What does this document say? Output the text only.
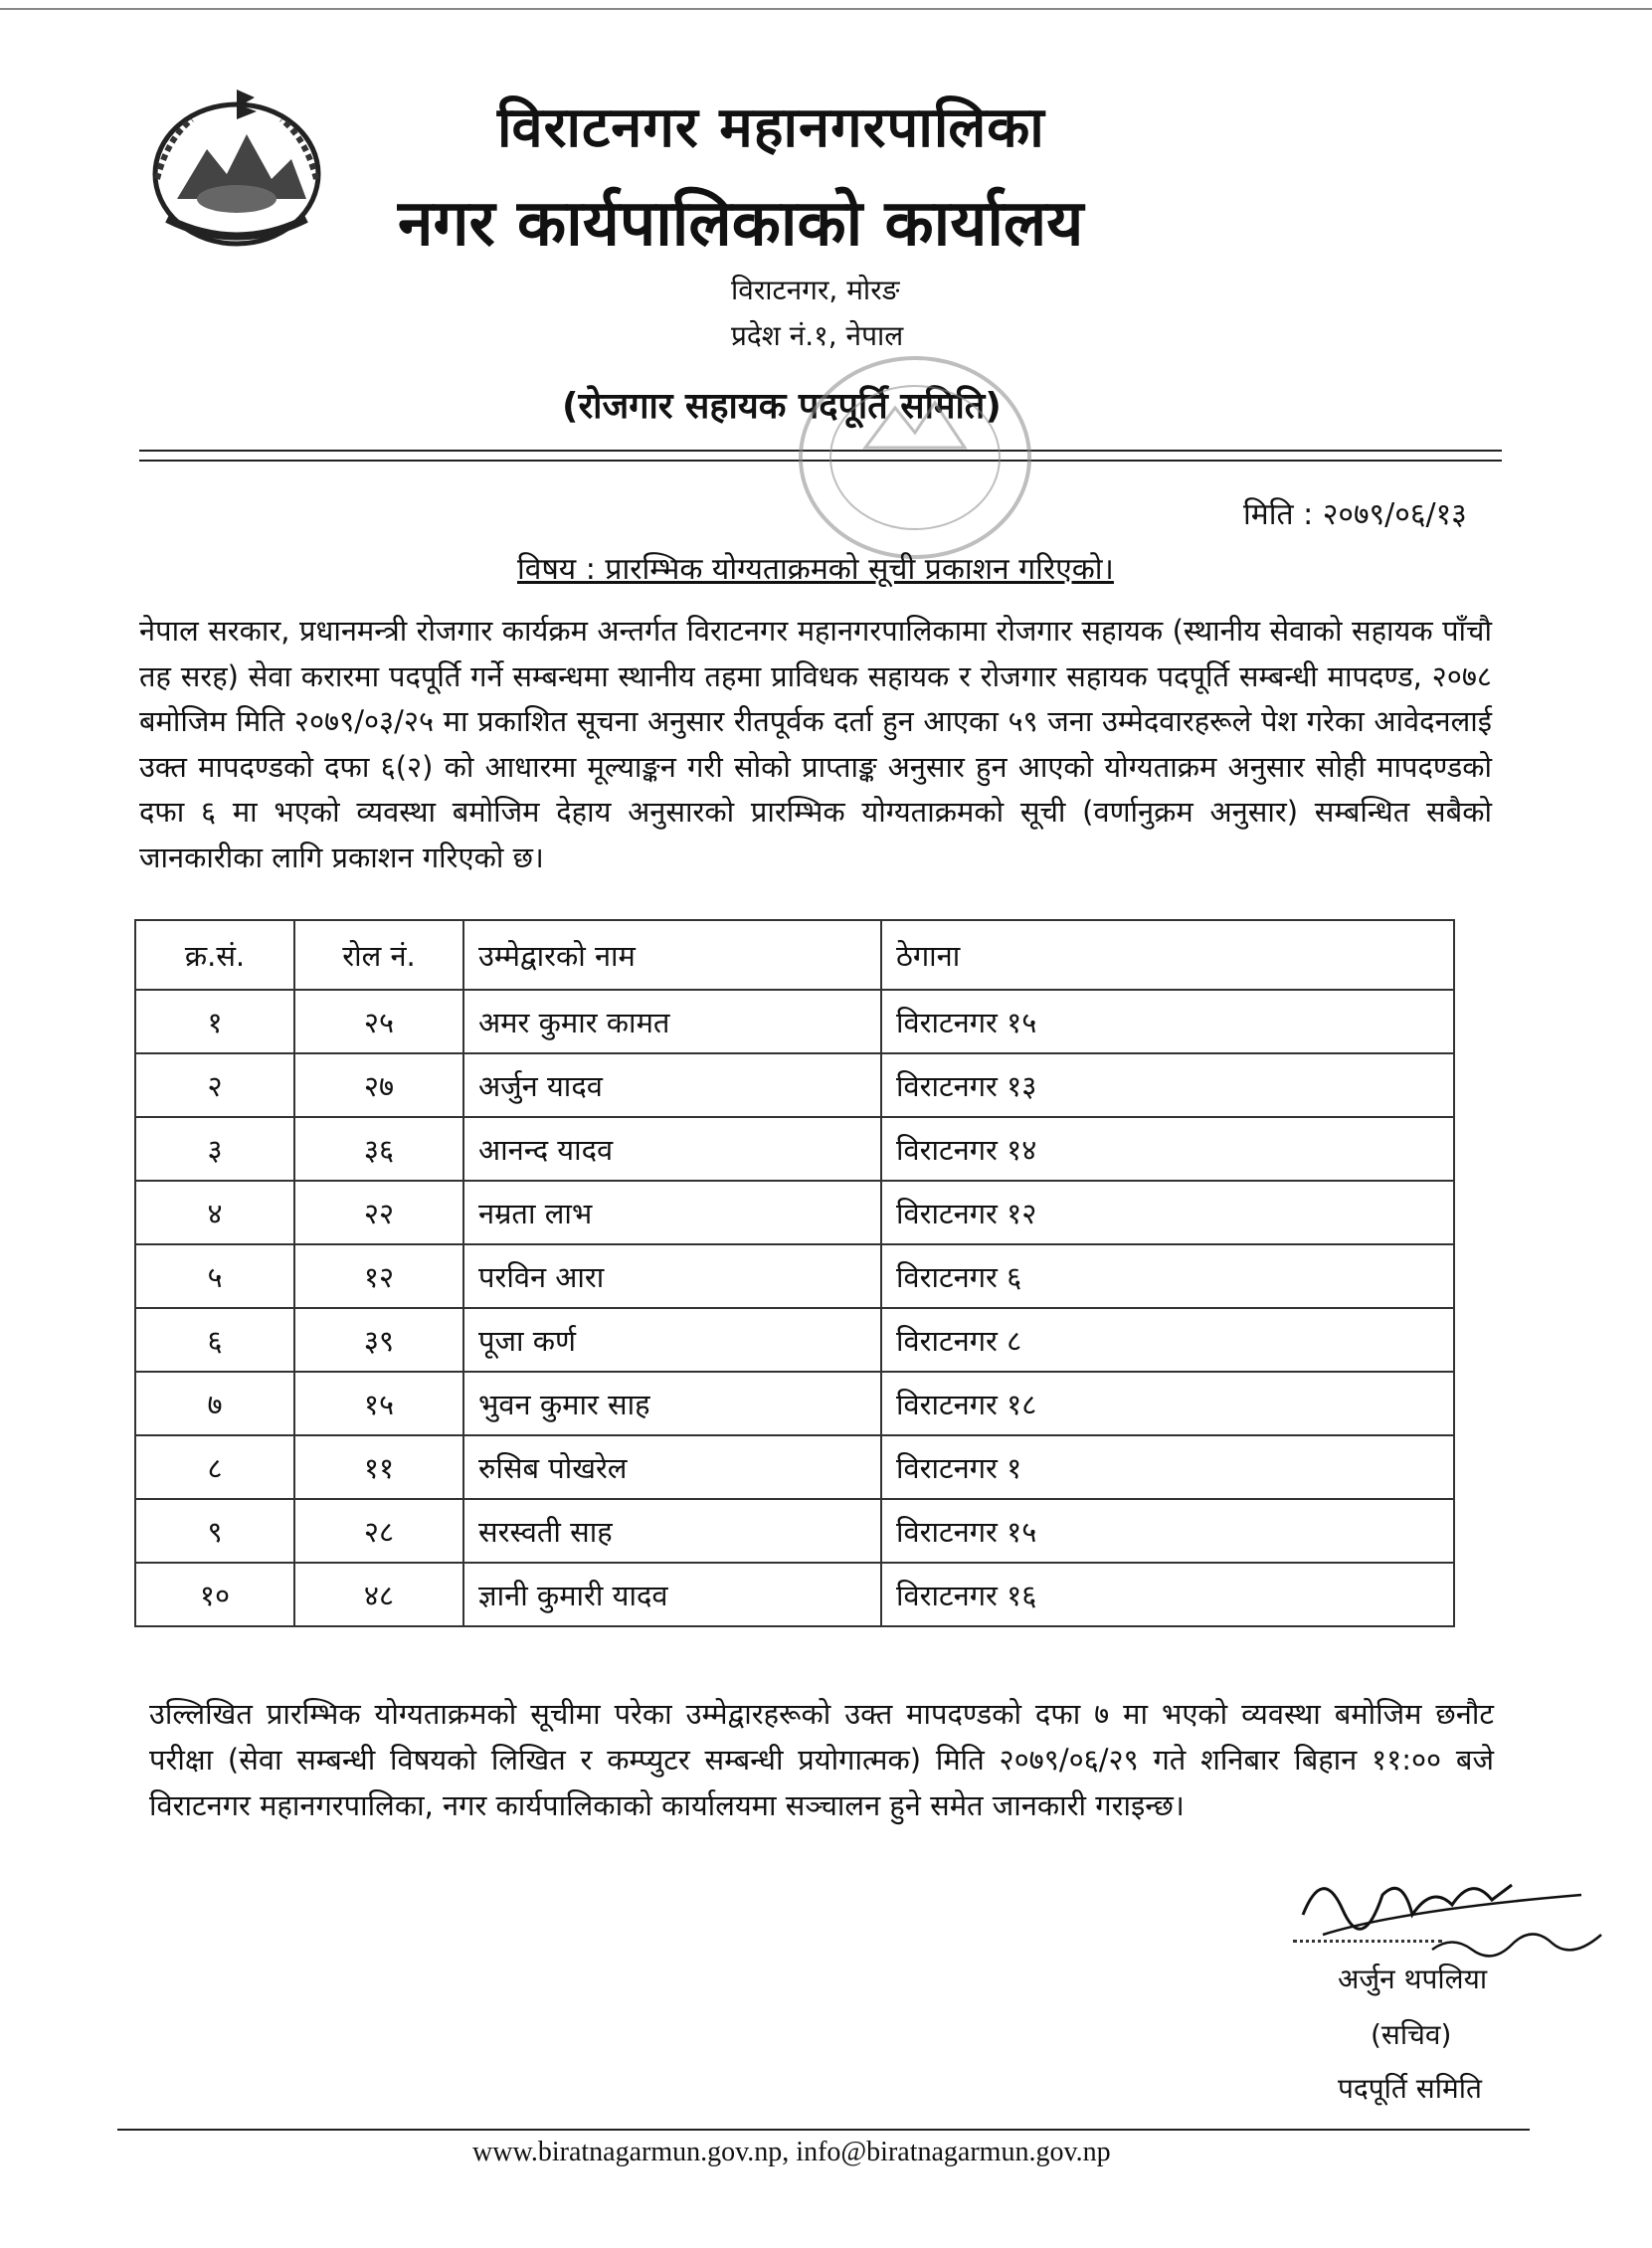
विराटनगर महानगरपालिका
नगर कार्यपालिकाको कार्यालय
विराटनगर, मोरङ
प्रदेश नं.१, नेपाल
(रोजगार सहायक पदपूर्ति समिति)
मिति : २०७९/०६/१३
विषय : प्रारम्भिक योग्यताक्रमको सूची प्रकाशन गरिएको।
नेपाल सरकार, प्रधानमन्त्री रोजगार कार्यक्रम अन्तर्गत विराटनगर महानगरपालिकामा रोजगार सहायक (स्थानीय सेवाको सहायक पाँचौ तह सरह) सेवा करारमा पदपूर्ति गर्ने सम्बन्धमा स्थानीय तहमा प्राविधक सहायक र रोजगार सहायक पदपूर्ति सम्बन्धी मापदण्ड, २०७८ बमोजिम मिति २०७९/०३/२५ मा प्रकाशित सूचना अनुसार रीतपूर्वक दर्ता हुन आएका ५९ जना उम्मेदवारहरूले पेश गरेका आवेदनलाई उक्त मापदण्डको दफा ६(२) को आधारमा मूल्याङ्कन गरी सोको प्राप्ताङ्क अनुसार हुन आएको योग्यताक्रम अनुसार सोही मापदण्डको दफा ६ मा भएको व्यवस्था बमोजिम देहाय अनुसारको प्रारम्भिक योग्यताक्रमको सूची (वर्णानुक्रम अनुसार) सम्बन्धित सबैको जानकारीका लागि प्रकाशन गरिएको छ।
क्र.सं.	रोल नं.	उम्मेद्वारको नाम	ठेगाना
१	२५	अमर कुमार कामत	विराटनगर १५
२	२७	अर्जुन यादव	विराटनगर १३
३	३६	आनन्द यादव	विराटनगर १४
४	२२	नम्रता लाभ	विराटनगर १२
५	१२	परविन आरा	विराटनगर ६
६	३९	पूजा कर्ण	विराटनगर ८
७	१५	भुवन कुमार साह	विराटनगर १८
८	११	रुसिब पोखरेल	विराटनगर १
९	२८	सरस्वती साह	विराटनगर १५
१०	४८	ज्ञानी कुमारी यादव	विराटनगर १६
उल्लिखित प्रारम्भिक योग्यताक्रमको सूचीमा परेका उम्मेद्वारहरूको उक्त मापदण्डको दफा ७ मा भएको व्यवस्था बमोजिम छनौट परीक्षा (सेवा सम्बन्धी विषयको लिखित र कम्प्युटर सम्बन्धी प्रयोगात्मक) मिति २०७९/०६/२९ गते शनिबार बिहान ११:०० बजे विराटनगर महानगरपालिका, नगर कार्यपालिकाको कार्यालयमा सञ्चालन हुने समेत जानकारी गराइन्छ।
अर्जुन थपलिया
(सचिव)
पदपूर्ति समिति
www.biratnagarmun.gov.np, info@biratnagarmun.gov.np
